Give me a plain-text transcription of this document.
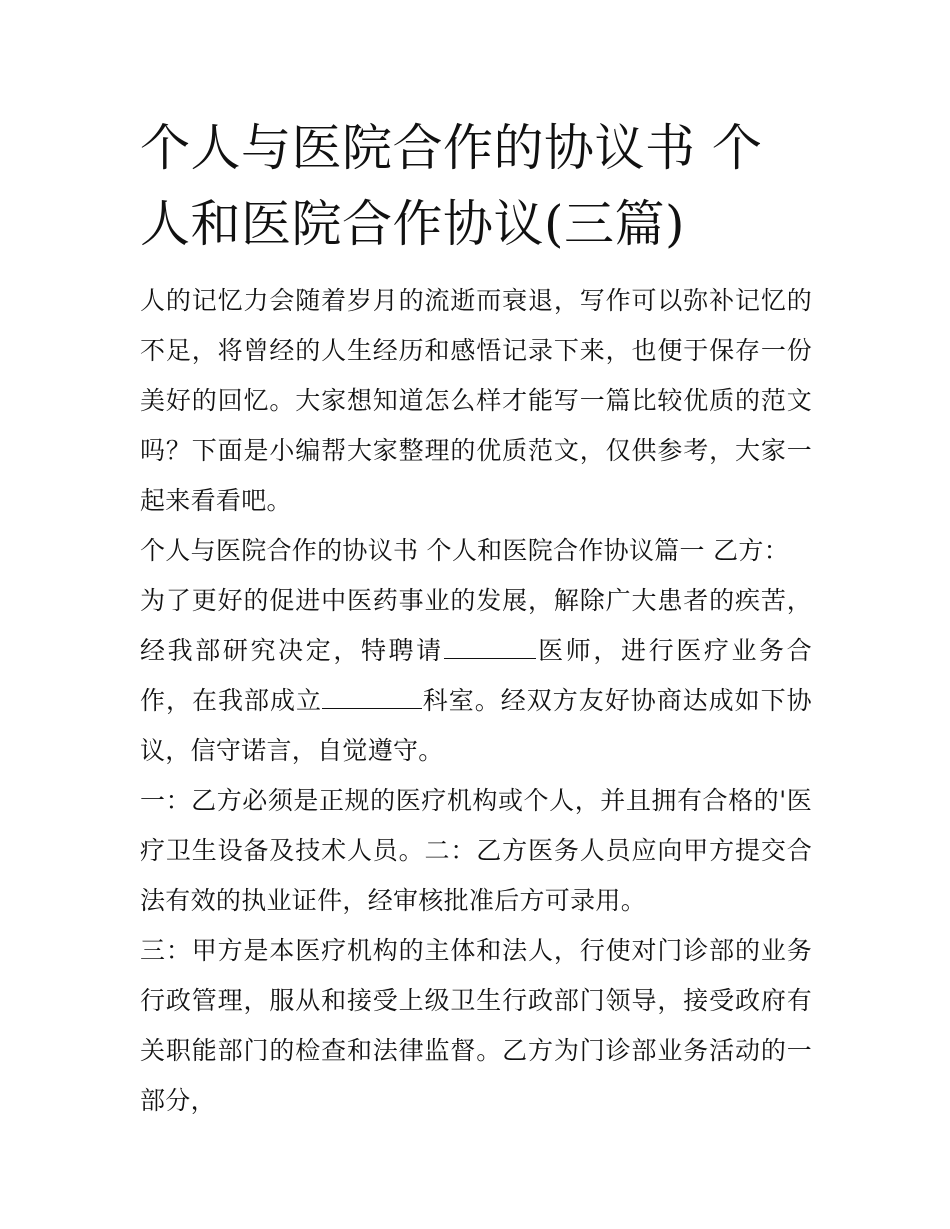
个人与医院合作的协议书 个人和医院合作协议(三篇)

人的记忆力会随着岁月的流逝而衰退，写作可以弥补记忆的不足，将曾经的人生经历和感悟记录下来，也便于保存一份美好的回忆。大家想知道怎么样才能写一篇比较优质的范文吗？下面是小编帮大家整理的优质范文，仅供参考，大家一起来看看吧。

个人与医院合作的协议书 个人和医院合作协议篇一 乙方：

为了更好的促进中医药事业的发展，解除广大患者的疾苦，经我部研究决定，特聘请	医师，进行医疗业务合作，在我部成立	科室。经双方友好协商达成如下协议，信守诺言，自觉遵守。

一：乙方必须是正规的医疗机构或个人，并且拥有合格的'医疗卫生设备及技术人员。二：乙方医务人员应向甲方提交合法有效的执业证件，经审核批准后方可录用。

三：甲方是本医疗机构的主体和法人，行使对门诊部的业务行政管理，服从和接受上级卫生行政部门领导，接受政府有关职能部门的检查和法律监督。乙方为门诊部业务活动的一部分，
